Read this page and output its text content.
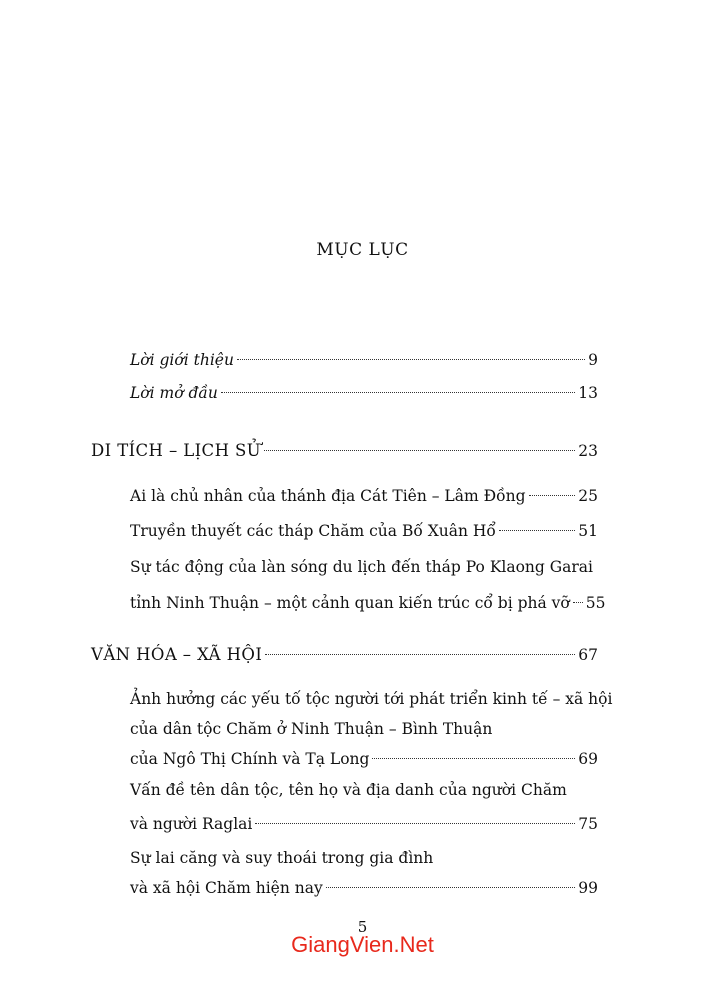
MỤC LỤC
Lời giới thiệu	9
Lời mở đầu	13
DI TÍCH – LỊCH SỬ	23
Ai là chủ nhân của thánh địa Cát Tiên – Lâm Đồng	25
Truyền thuyết các tháp Chăm của Bố Xuân Hổ	51
Sự tác động của làn sóng du lịch đến tháp Po Klaong Garai
tỉnh Ninh Thuận – một cảnh quan kiến trúc cổ bị phá vỡ 55
VĂN HÓA – XÃ HỘI	67
Ảnh hưởng các yếu tố tộc người tới phát triển kinh tế – xã hội
của dân tộc Chăm ở Ninh Thuận – Bình Thuận
của Ngô Thị Chính và Tạ Long	69
Vấn đề tên dân tộc, tên họ và địa danh của người Chăm
và người Raglai	75
Sự lai căng và suy thoái trong gia đình
và xã hội Chăm hiện nay	99
5
GiangVien.Net
